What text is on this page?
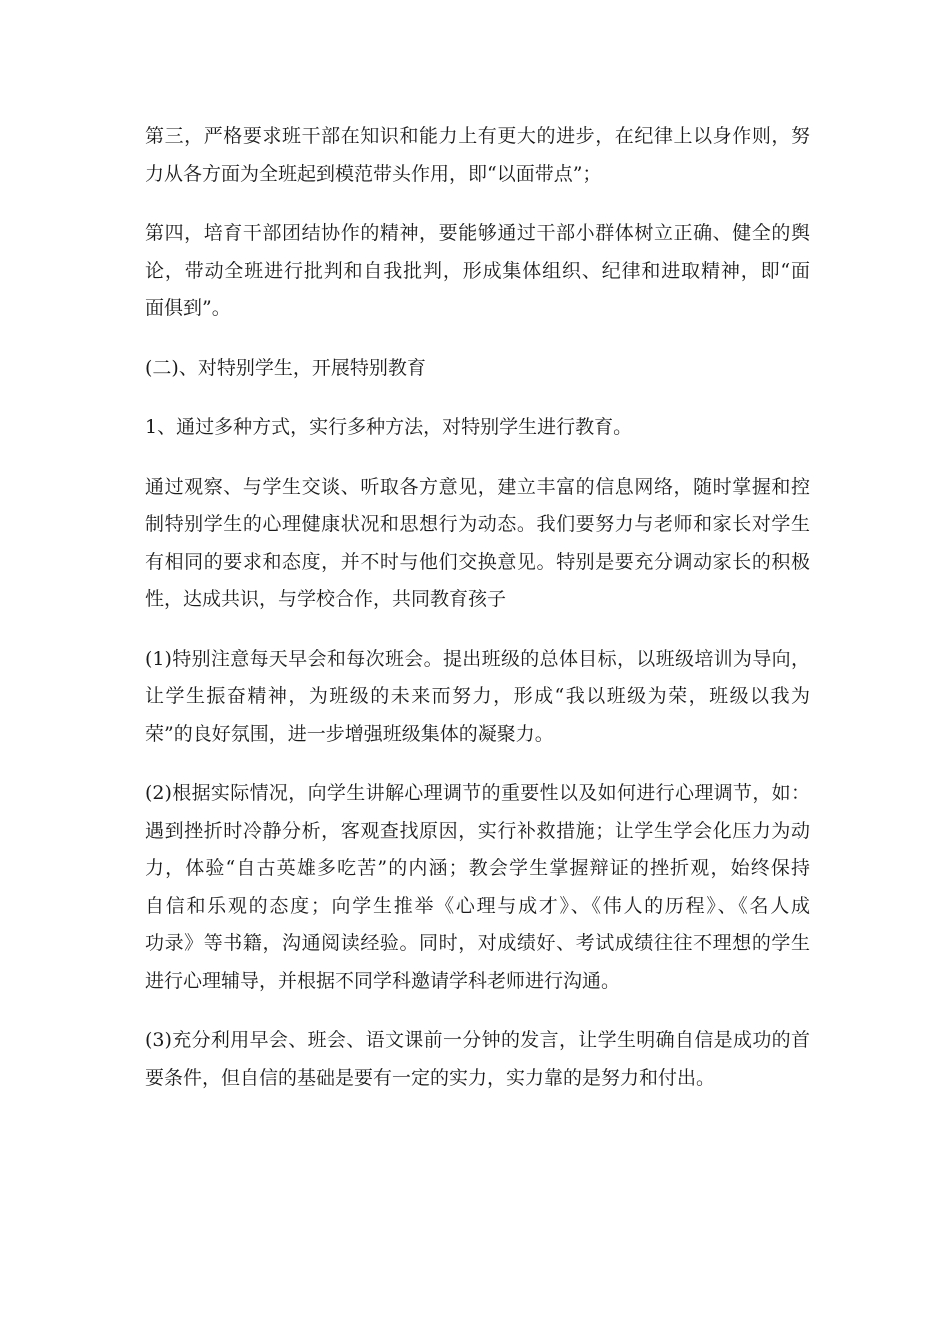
第三，严格要求班干部在知识和能力上有更大的进步，在纪律上以身作则，努
力从各方面为全班起到模范带头作用，即“以面带点”；
第四，培育干部团结协作的精神，要能够通过干部小群体树立正确、健全的舆
论，带动全班进行批判和自我批判，形成集体组织、纪律和进取精神，即“面
面俱到”。
(二)、对特别学生，开展特别教育
1、通过多种方式，实行多种方法，对特别学生进行教育。
通过观察、与学生交谈、听取各方意见，建立丰富的信息网络，随时掌握和控
制特别学生的心理健康状况和思想行为动态。我们要努力与老师和家长对学生
有相同的要求和态度，并不时与他们交换意见。特别是要充分调动家长的积极
性，达成共识，与学校合作，共同教育孩子
(1)特别注意每天早会和每次班会。提出班级的总体目标，以班级培训为导向，
让学生振奋精神，为班级的未来而努力，形成“我以班级为荣，班级以我为
荣”的良好氛围，进一步增强班级集体的凝聚力。
(2)根据实际情况，向学生讲解心理调节的重要性以及如何进行心理调节，如：
遇到挫折时冷静分析，客观查找原因，实行补救措施；让学生学会化压力为动
力，体验“自古英雄多吃苦”的内涵；教会学生掌握辩证的挫折观，始终保持
自信和乐观的态度；向学生推举《心理与成才》、《伟人的历程》、《名人成
功录》等书籍，沟通阅读经验。同时，对成绩好、考试成绩往往不理想的学生
进行心理辅导，并根据不同学科邀请学科老师进行沟通。
(3)充分利用早会、班会、语文课前一分钟的发言，让学生明确自信是成功的首
要条件，但自信的基础是要有一定的实力，实力靠的是努力和付出。
